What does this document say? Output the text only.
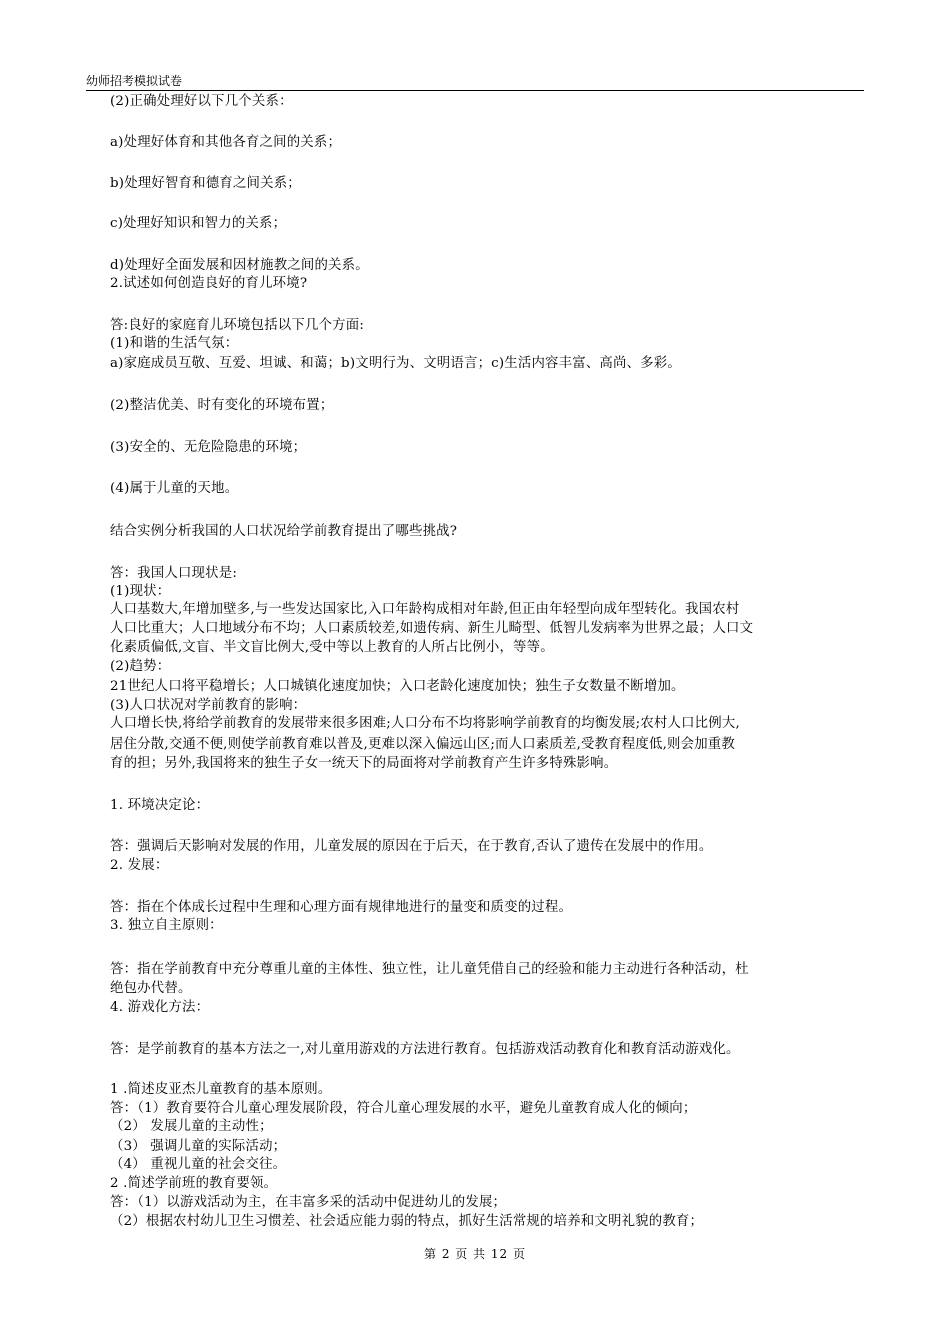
幼师招考模拟试卷
(2)正确处理好以下几个关系：
a)处理好体育和其他各育之间的关系；
b)处理好智育和德育之间关系；
c)处理好知识和智力的关系；
d)处理好全面发展和因材施教之间的关系。
2.试述如何创造良好的育儿环境?
答:良好的家庭育儿环境包括以下几个方面:
(1)和谐的生活气氛：
a)家庭成员互敬、互爱、坦诚、和蔼；b)文明行为、文明语言；c)生活内容丰富、高尚、多彩。
(2)整洁优美、时有变化的环境布置；
(3)安全的、无危险隐患的环境；
(4)属于儿童的天地。
结合实例分析我国的人口状况给学前教育提出了哪些挑战?
答：我国人口现状是:
(1)现状：
人口基数大,年增加壁多,与一些发达国家比,入口年龄构成相对年龄,但正由年轻型向成年型转化。我国农村
人口比重大；人口地域分布不均；人口素质较差,如遗传病、新生儿畸型、低智儿发病率为世界之最；人口文
化素质偏低,文盲、半文盲比例大,受中等以上教育的人所占比例小，等等。
(2)趋势：
21世纪人口将平稳增长；人口城镇化速度加快；入口老龄化速度加快；独生子女数量不断增加。
(3)人口状况对学前教育的影响：
人口增长快,将给学前教育的发展带来很多困难;人口分布不均将影响学前教育的均衡发展;农村人口比例大,
居住分散,交通不便,则使学前教育难以普及,更难以深入偏远山区;而人口素质差,受教育程度低,则会加重教
育的担；另外,我国将来的独生子女一统天下的局面将对学前教育产生许多特殊影响。
1. 环境决定论：
答：强调后天影响对发展的作用，儿童发展的原因在于后天，在于教育,否认了遗传在发展中的作用。
2. 发展：
答：指在个体成长过程中生理和心理方面有规律地进行的量变和质变的过程。
3. 独立自主原则：
答：指在学前教育中充分尊重儿童的主体性、独立性，让儿童凭借自己的经验和能力主动进行各种活动，杜
绝包办代替。
4. 游戏化方法：
答：是学前教育的基本方法之一,对儿童用游戏的方法进行教育。包括游戏活动教育化和教育活动游戏化。
1 .简述皮亚杰儿童教育的基本原则。
答：（1）教育要符合儿童心理发展阶段，符合儿童心理发展的水平，避免儿童教育成人化的倾向；
（2） 发展儿童的主动性；
（3） 强调儿童的实际活动；
（4） 重视儿童的社会交往。
2 .简述学前班的教育要领。
答：（1）以游戏活动为主，在丰富多采的活动中促进幼儿的发展；
（2）根据农村幼儿卫生习惯差、社会适应能力弱的特点，抓好生活常规的培养和文明礼貌的教育；
第 2 页 共 12 页
